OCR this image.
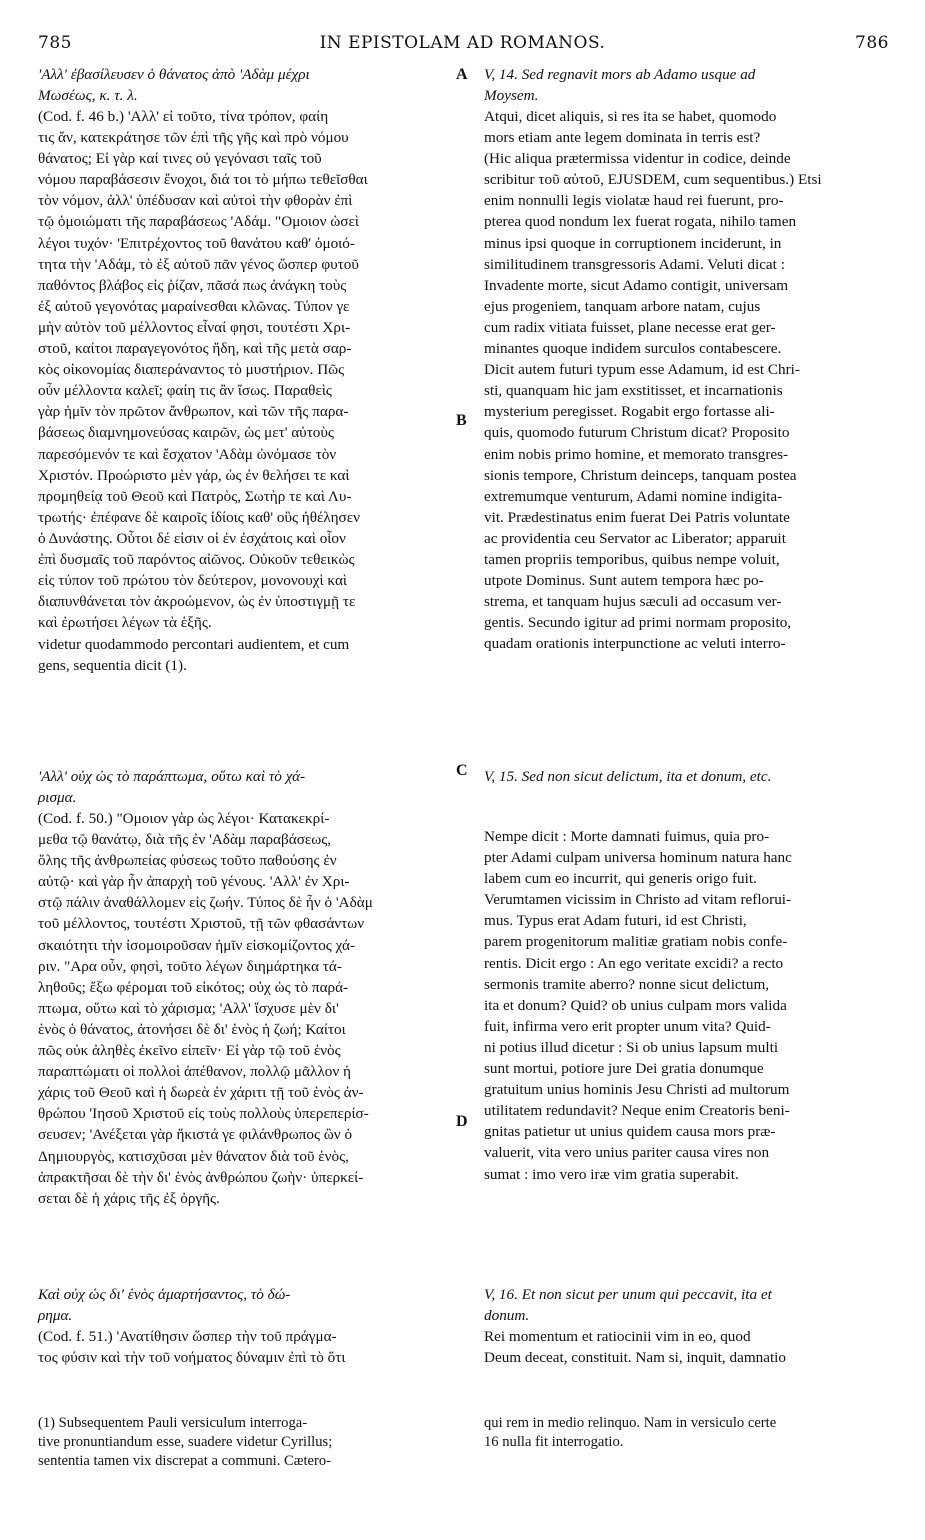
785	IN EPISTOLAM AD ROMANOS.	786
A
B
C
D
'Αλλ' ἐβασίλευσεν ὁ θάνατος ἀπὸ 'Αδὰμ μέχρι
Μωσέως, κ. τ. λ.
(Cod. f. 46 b.) 'Αλλ' εἰ τοῦτο, τίνα τρόπον, φαίη
τις ἄν, κατεκράτησε τῶν ἐπὶ τῆς γῆς καὶ πρὸ νόμου
θάνατος; Εἰ γὰρ καί τινες οὐ γεγόνασι ταῖς τοῦ
νόμου παραβάσεσιν ἔνοχοι, διά τοι τὸ μήπω τεθεῖσθαι
τὸν νόμον, ἀλλ' ὑπέδυσαν καὶ αὐτοὶ τὴν φθορὰν ἐπὶ
τῷ ὁμοιώματι τῆς παραβάσεως 'Αδάμ. "Ομοιον ὡσεὶ
λέγοι τυχόν· 'Επιτρέχοντος τοῦ θανάτου καθ' ὁμοιό-
τητα τὴν 'Αδάμ, τὸ ἐξ αὐτοῦ πᾶν γένος ὥσπερ φυτοῦ
παθόντος βλάβος εἰς ῥίζαν, πᾶσά πως ἀνάγκη τοὺς
ἐξ αὐτοῦ γεγονότας μαραίνεσθαι κλῶνας. Τύπον γε
μὴν αὐτὸν τοῦ μέλλοντος εἶναί φησι, τουτέστι Χρι-
στοῦ, καίτοι παραγεγονότος ἤδη, καὶ τῆς μετὰ σαρ-
κὸς οἰκονομίας διαπεράναντος τὸ μυστήριον. Πῶς
οὖν μέλλοντα καλεῖ; φαίη τις ἂν ἴσως. Παραθεὶς
γὰρ ἡμῖν τὸν πρῶτον ἄνθρωπον, καὶ τῶν τῆς παρα-
βάσεως διαμνημονεύσας καιρῶν, ὡς μετ' αὐτοὺς
παρεσόμενόν τε καὶ ἔσχατον 'Αδὰμ ὠνόμασε τὸν
Χριστόν. Προώριστο μὲν γάρ, ὡς ἐν θελήσει τε καὶ
προμηθείᾳ τοῦ Θεοῦ καὶ Πατρὸς, Σωτὴρ τε καὶ Λυ-
τρωτής· ἐπέφανε δὲ καιροῖς ἰδίοις καθ' οὓς ἠθέλησεν
ὁ Δυνάστης. Οὗτοι δέ εἰσιν οἱ ἐν ἐσχάτοις καὶ οἷον
ἐπὶ δυσμαῖς τοῦ παρόντος αἰῶνος. Οὐκοῦν τεθεικὼς
εἰς τύπον τοῦ πρώτου τὸν δεύτερον, μονονουχὶ καὶ
διαπυνθάνεται τὸν ἀκροώμενον, ὡς ἐν ὑποστιγμῇ τε
καὶ ἐρωτήσει λέγων τὰ ἑξῆς.
videtur quodammodo percontari audientem, et cum
gens, sequentia dicit (1).
'Αλλ' οὐχ ὡς τὸ παράπτωμα, οὕτω καὶ τὸ χά-
ρισμα.
(Cod. f. 50.) "Ομοιον γὰρ ὡς λέγοι· Κατακεκρί-
μεθα τῷ θανάτῳ, διὰ τῆς ἐν 'Αδὰμ παραβάσεως,
ὅλης τῆς ἀνθρωπείας φύσεως τοῦτο παθούσης ἐν
αὐτῷ· καὶ γὰρ ἦν ἀπαρχὴ τοῦ γένους. 'Αλλ' ἐν Χρι-
στῷ πάλιν ἀναθάλλομεν εἰς ζωήν. Τύπος δὲ ἦν ὁ 'Αδὰμ
τοῦ μέλλοντος, τουτέστι Χριστοῦ, τῇ τῶν φθασάντων
σκαιότητι τὴν ἰσομοιροῦσαν ἡμῖν εἰσκομίζοντος χά-
ριν. "Αρα οὖν, φησὶ, τοῦτο λέγων διημάρτηκα τά-
ληθοῦς; ἔξω φέρομαι τοῦ εἰκότος; οὐχ ὡς τὸ παρά-
πτωμα, οὕτω καὶ τὸ χάρισμα; 'Αλλ' ἴσχυσε μὲν δι'
ἑνὸς ὁ θάνατος, ἀτονήσει δὲ δι' ἑνὸς ἡ ζωή; Καίτοι
πῶς οὐκ ἀληθὲς ἐκεῖνο εἰπεῖν· Εἰ γὰρ τῷ τοῦ ἑνὸς
παραπτώματι οἱ πολλοὶ ἀπέθανον, πολλῷ μᾶλλον ἡ
χάρις τοῦ Θεοῦ καὶ ἡ δωρεὰ ἐν χάριτι τῇ τοῦ ἑνὸς ἀν-
θρώπου 'Ιησοῦ Χριστοῦ εἰς τοὺς πολλοὺς ὑπερεπερίσ-
σευσεν; 'Ανέξεται γὰρ ἥκιστά γε φιλάνθρωπος ὢν ὁ
Δημιουργὸς, κατισχῦσαι μὲν θάνατον διὰ τοῦ ἑνὸς,
ἀπρακτῆσαι δὲ τὴν δι' ἑνὸς ἀνθρώπου ζωὴν· ὑπερκεί-
σεται δὲ ἡ χάρις τῆς ἐξ ὀργῆς.
Καὶ οὐχ ὡς δι' ἑνὸς ἁμαρτήσαντος, τὸ δώ-
ρημα.
(Cod. f. 51.) 'Ανατίθησιν ὥσπερ τὴν τοῦ πράγμα-
τος φύσιν καὶ τὴν τοῦ νοήματος δύναμιν ἐπὶ τὸ ὅτι
(1) Subsequentem Pauli versiculum interroga-
tive pronuntiandum esse, suadere videtur Cyrillus;
sententia tamen vix discrepat a communi. Cætero-
V, 14. Sed regnavit mors ab Adamo usque ad
Moysem.
Atqui, dicet aliquis, si res ita se habet, quomodo
mors etiam ante legem dominata in terris est?
(Hic aliqua prætermissa videntur in codice, deinde
scribitur τοῦ αὐτοῦ, EJUSDEM, cum sequentibus.) Etsi
enim nonnulli legis violatæ haud rei fuerunt, pro-
pterea quod nondum lex fuerat rogata, nihilo tamen
minus ipsi quoque in corruptionem inciderunt, in
similitudinem transgressoris Adami. Veluti dicat :
Invadente morte, sicut Adamo contigit, universam
ejus progeniem, tanquam arbore natam, cujus
cum radix vitiata fuisset, plane necesse erat ger-
minantes quoque indidem surculos contabescere.
Dicit autem futuri typum esse Adamum, id est Chri-
sti, quanquam hic jam exstitisset, et incarnationis
mysterium peregisset. Rogabit ergo fortasse ali-
quis, quomodo futurum Christum dicat? Proposito
enim nobis primo homine, et memorato transgres-
sionis tempore, Christum deinceps, tanquam postea
extremumque venturum, Adami nomine indigita-
vit. Prædestinatus enim fuerat Dei Patris voluntate
ac providentia ceu Servator ac Liberator; apparuit
tamen propriis temporibus, quibus nempe voluit,
utpote Dominus. Sunt autem tempora hæc po-
strema, et tanquam hujus sæculi ad occasum ver-
gentis. Secundo igitur ad primi normam proposito,
quadam orationis interpunctione ac veluti interro-
V, 15. Sed non sicut delictum, ita et donum, etc.
Nempe dicit : Morte damnati fuimus, quia pro-
pter Adami culpam universa hominum natura hanc
labem cum eo incurrit, qui generis origo fuit.
Verumtamen vicissim in Christo ad vitam reflorui-
mus. Typus erat Adam futuri, id est Christi,
parem progenitorum malitiæ gratiam nobis confe-
rentis. Dicit ergo : An ego veritate excidi? a recto
sermonis tramite aberro? nonne sicut delictum,
ita et donum? Quid? ob unius culpam mors valida
fuit, infirma vero erit propter unum vita? Quid-
ni potius illud dicetur : Si ob unius lapsum multi
sunt mortui, potiore jure Dei gratia donumque
gratuitum unius hominis Jesu Christi ad multorum
utilitatem redundavit? Neque enim Creatoris beni-
gnitas patietur ut unius quidem causa mors præ-
valuerit, vita vero unius pariter causa vires non
sumat : imo vero iræ vim gratia superabit.
V, 16. Et non sicut per unum qui peccavit, ita et
donum.
Rei momentum et ratiocinii vim in eo, quod
Deum deceat, constituit. Nam si, inquit, damnatio
qui rem in medio relinquo. Nam in versiculo certe
16 nulla fit interrogatio.
